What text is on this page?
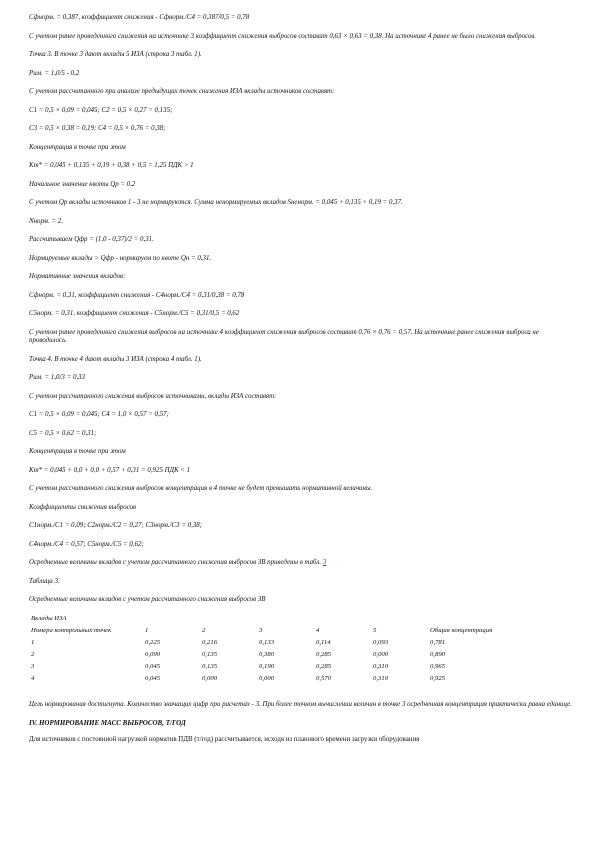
Сфнорм. = 0,387, коэффициент снижения - Сфнорм./С4 = 0,387/0,5 = 0,78

С учетом ранее проведенного снижения на источнике 3 коэффициент снижения выбросов составит 0,63 × 0,63 = 0,38. На источнике 4 ранее не было снижения выбросов.

Точка 3. В точке 3 дают вклады 5 ИЗА (строка 3 табл. 1).

Рим. = 1,0/5 - 0,2

С учетом рассчитанного при анализе предыдущих точек снижения ИЗА вклады источников составят:

С1 = 0,5 × 0,09 = 0,045; С2 = 0,5 × 0,27 = 0,135;

С3 = 0,5 × 0,38 = 0,19; С4 = 0,5 × 0,76 = 0,38;

Концентрация в точке при этом

Кm* = 0,045 + 0,135 + 0,19 + 0,38 + 0,5 = 1,25 ПДК > 1

Начальное значение квоты Qр = 0,2

С учетом Qр вклады источников 1 - 3 не нормируются. Сумма ненормируемых вкладов Sненорм. = 0,045 + 0,135 + 0,19 = 0,37.

Nнорм. = 2.

Рассчитываем Qфр = (1,0 - 0,37)/2 = 0,31.

Нормируемые вклады > Qфр - нормируем по квоте Qн = 0,31.

Нормативные значения вкладов:

Сфнорм. = 0,31, коэффициент снижения - С4норм./С4 = 0,31/0,38 = 0,78

С5норм. = 0,31, коэффициент снижения - С5норм./С5 = 0,31/0,5 = 0,62

С учетом ранее проведенного снижения выбросов на источнике 4 коэффициент снижения выбросов составит 0,76 × 0,76 = 0,57. На источнике ранее снижения выброса не проводилось.

Точка 4. В точке 4 дают вклады 3 ИЗА (строка 4 табл. 1).

Рим. = 1,0/3 = 0,33

С учетом рассчитанного снижения выбросов источниками, вклады ИЗА составят:

С1 = 0,5 × 0,09 = 0,045; С4 = 1,0 × 0,57 = 0,57;

С5 = 0,5 × 0,62 = 0,31;

Концентрация в точке при этом

Кm* = 0,045 + 0,0 + 0,0 + 0,57 + 0,31 = 0,925 ПДК < 1

С учетом рассчитанного снижения выбросов концентрация в 4 точке не будет превышать нормативной величины.

Коэффициенты снижения выбросов

С1норм./С1 = 0,09; С2норм./С2 = 0,27; С3норм./С3 = 0,38;

С4норм./С4 = 0,57; С5норм./С5 = 0,62;

Осредненные величины вкладов с учетом рассчитанного снижения выбросов ЗВ приведены в табл. 3

Таблица 3.

Осредненные величины вкладов с учетом рассчитанного снижения выбросов ЗВ

Вклады ИЗА						
Номера контрольных точек	1	2	3	4	5	Общая концентрация
1	0,225	0,216	0,133	0,114	0,093	0,781
2	0,090	0,135	0,380	0,285	0,000	0,890
3	0,045	0,135	0,190	0,285	0,310	0,965
4	0,045	0,000	0,000	0,570	0,310	0,925

Цель нормирования достигнута. Количество значащих цифр при расчетах - 3. При более точном вычислении величин в точке 3 осредненная концентрация практически равна единице.

IV. НОРМИРОВАНИЕ МАСС ВЫБРОСОВ, Т/ГОД

Для источников с постоянной нагрузкой норматив ПДВ (т/год) рассчитывается, исходя из планового времени загрузки оборудования
